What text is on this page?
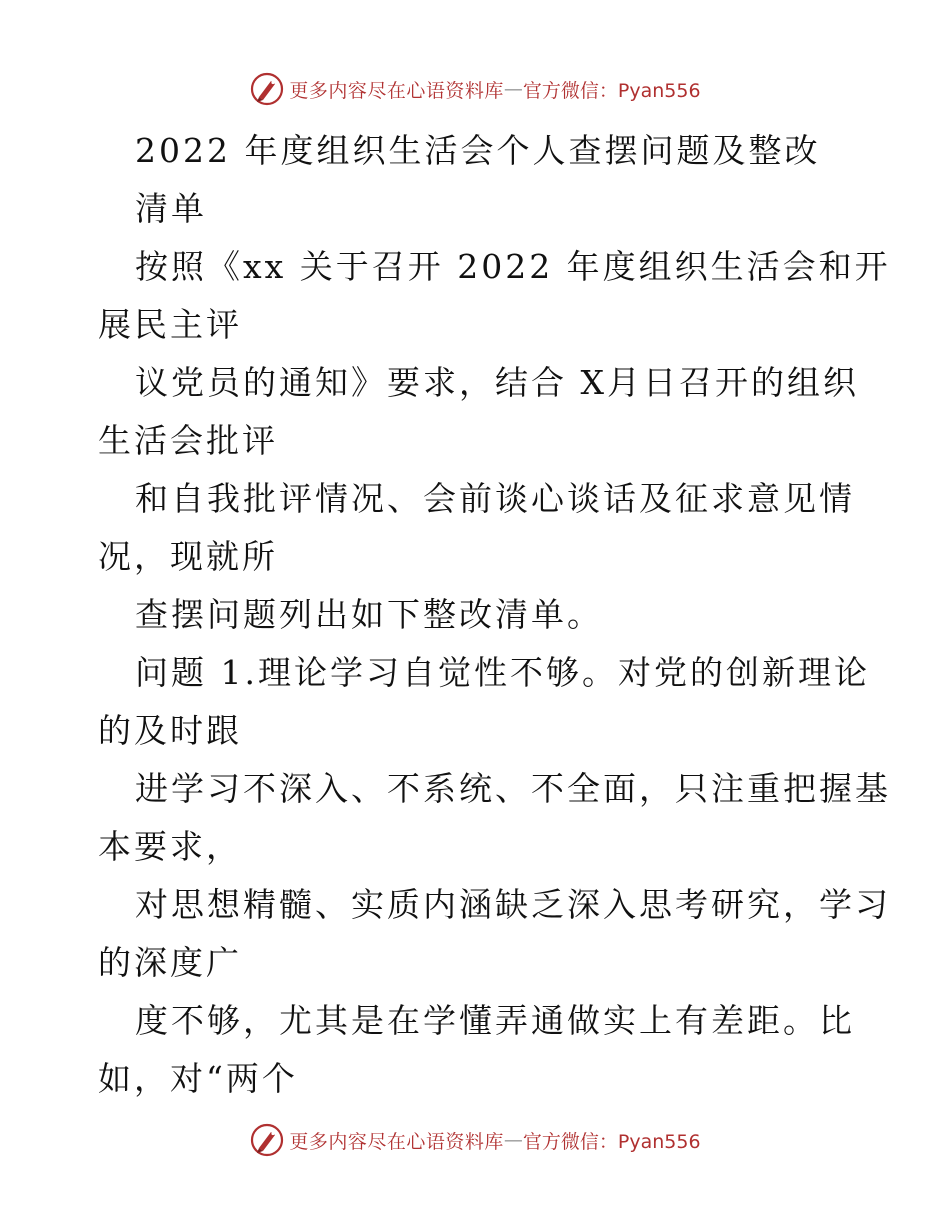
更多内容尽在心语资料库 — 官方微信：Pyan556
2022 年度组织生活会个人查摆问题及整改
清单
按照《xx 关于召开 2022 年度组织生活会和开
展民主评
议党员的通知》要求，结合 X月日召开的组织
生活会批评
和自我批评情况、会前谈心谈话及征求意见情
况，现就所
查摆问题列出如下整改清单。
问题 1.理论学习自觉性不够。对党的创新理论
的及时跟
进学习不深入、不系统、不全面，只注重把握基
本要求，
对思想精髓、实质内涵缺乏深入思考研究，学习
的深度广
度不够，尤其是在学懂弄通做实上有差距。比
如，对“两个
更多内容尽在心语资料库 — 官方微信：Pyan556
